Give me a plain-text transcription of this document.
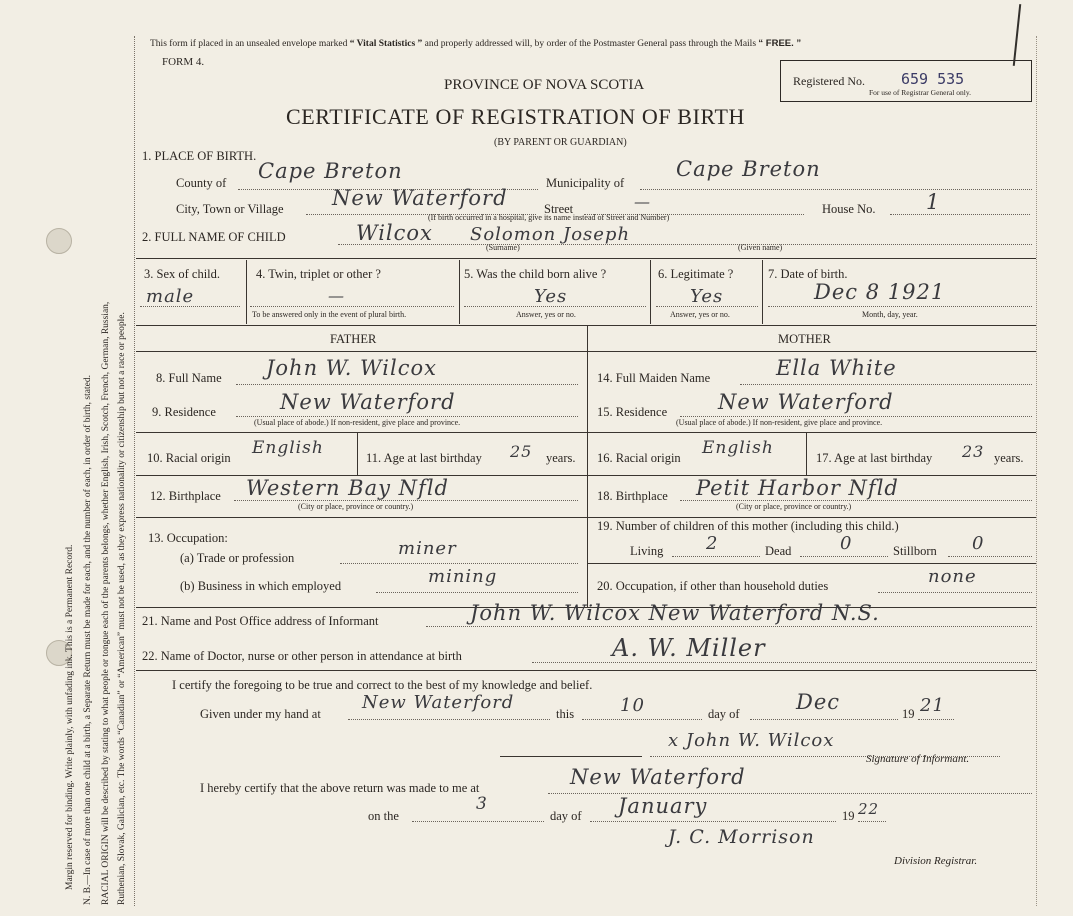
Margin reserved for binding. Write plainly, with unfading ink. This is a Permanent Record. N. B.—In case of more than one child at a birth, a Separate Return must be made for each, and the number of each, in order of birth, stated. RACIAL ORIGIN will be described by stating to what people or tongue each of the parents belongs, whether English, Irish, Scotch, French, German, Russian, Ruthenian, Slovak, Galician, etc. The words “Canadian” or “American” must not be used, as they express nationality or citizenship but not a race or people.
This form if placed in an unsealed envelope marked “ Vital Statistics ” and properly addressed will, by order of the Postmaster General pass through the Mails “ FREE. ”
FORM 4.
PROVINCE OF NOVA SCOTIA
CERTIFICATE OF REGISTRATION OF BIRTH
(BY PARENT OR GUARDIAN)
Registered No. 659 535
For use of Registrar General only.
1. PLACE OF BIRTH.
County of Cape Breton	Municipality of
Cape Breton
City, Town or Village New Waterford	Street	—	House No. 1
(If birth occurred in a hospital, give its name instead of Street and Number)
2. FULL NAME OF CHILD	Wilcox Solomon Joseph
(Surname)	(Given name)
3. Sex of child.
male
4. Twin, triplet or other ?
—
To be answered only in the event of plural birth.
5. Was the child born alive ?
Yes
Answer, yes or no.
6. Legitimate ?
Yes
Answer, yes or no.
7. Date of birth.
Dec 8 1921
Month, day, year.
FATHER	MOTHER
8. Full Name John W. Wilcox
9. Residence	New Waterford
(Usual place of abode.) If non-resident, give place and province.
10. Racial origin English	11. Age at last birthday 25 years.
12. Birthplace Western Bay Nfld
(City or place, province or country.)
13. Occupation:
(a) Trade or profession	miner
(b) Business in which employed	mining
14. Full Maiden Name	Ella White
15. Residence New Waterford
(Usual place of abode.) If non-resident, give place and province.
16. Racial origin English	17. Age at last birthday 23 years.
18. Birthplace Petit Harbor Nfld
(City or place, province or country.)
19. Number of children of this mother (including this child.)
Living 2	Dead	0	Stillborn 0
20. Occupation, if other than household duties	none
21. Name and Post Office address of Informant	John W. Wilcox New Waterford N.S.
22. Name of Doctor, nurse or other person in attendance at birth	A. W. Miller
I certify the foregoing to be true and correct to the best of my knowledge and belief.
Given under my hand at
New Waterford
this	10	day of	Dec	19 21
x John W. Wilcox
Signature of Informant.
I hereby certify that the above return was made to me at	New Waterford
on the
3
day of January	19 22
J. C. Morrison
Division Registrar.
